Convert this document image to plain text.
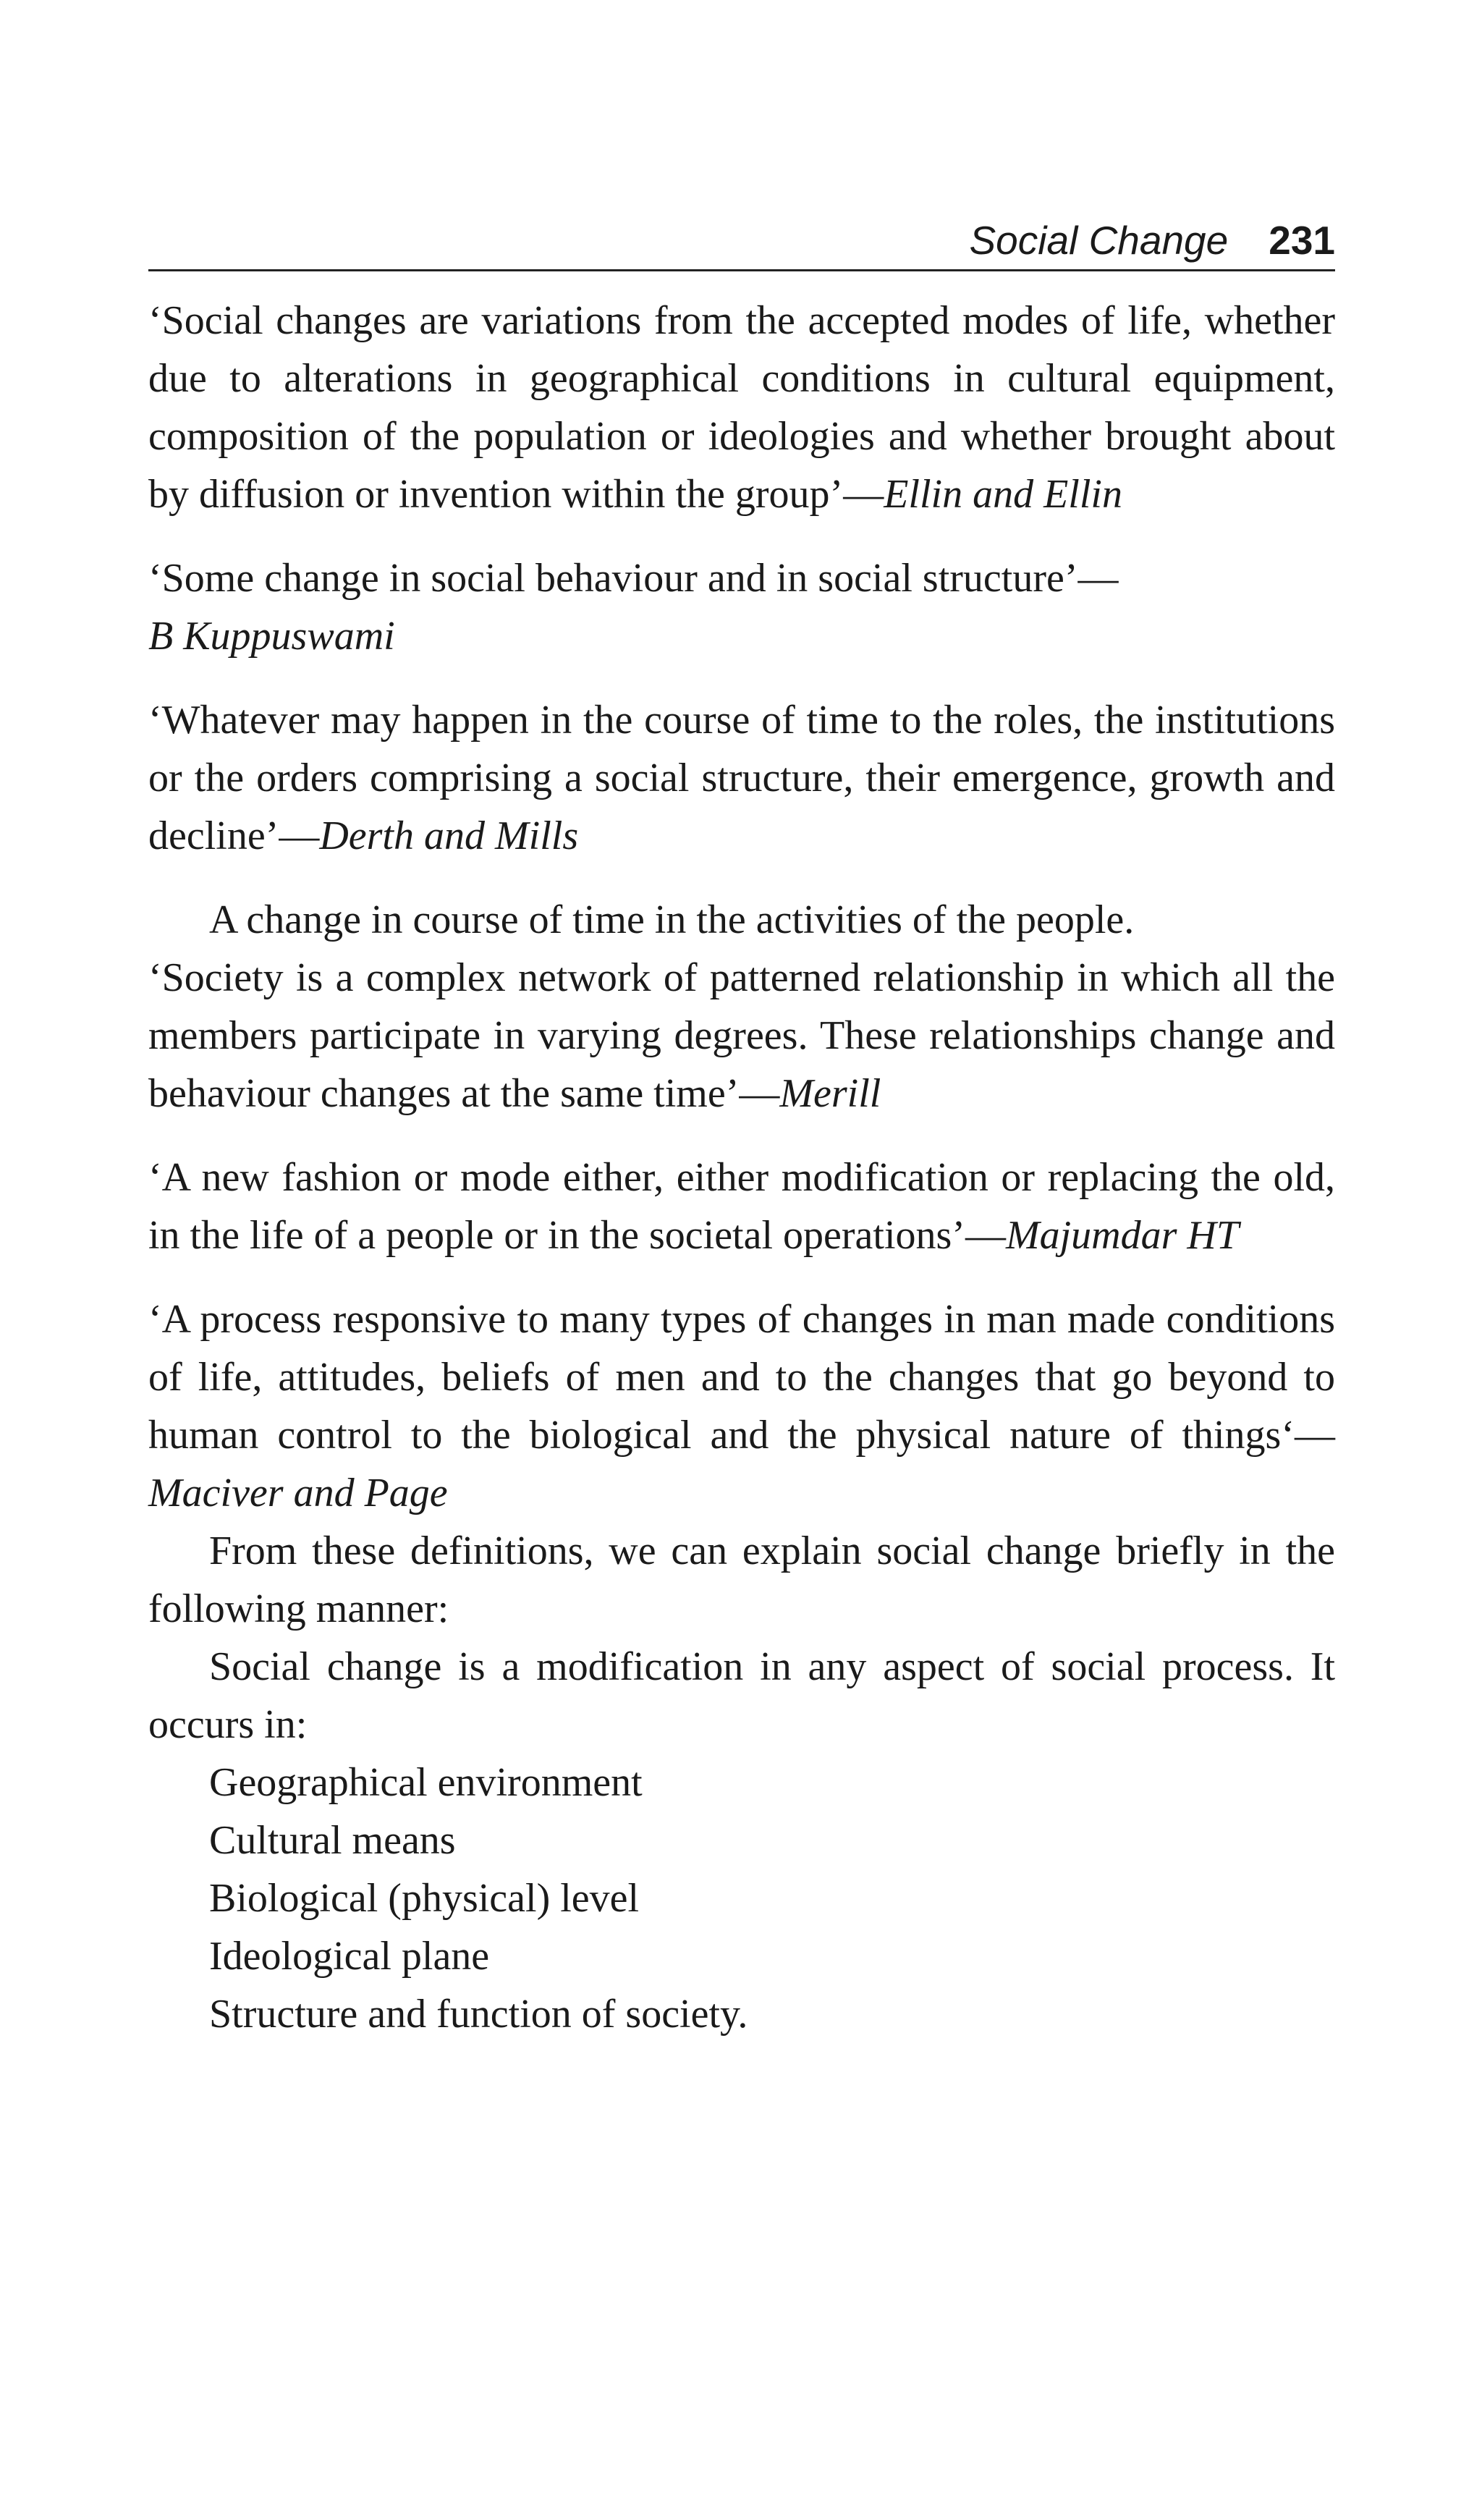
Social Change 231

‘Social changes are variations from the accepted modes of life, whether due to alterations in geographical conditions in cultural equipment, composition of the population or ideologies and whether brought about by diffusion or invention within the group’—Ellin and Ellin

‘Some change in social behaviour and in social structure’—
B Kuppuswami

‘Whatever may happen in the course of time to the roles, the institutions or the orders comprising a social structure, their emergence, growth and decline’—Derth and Mills

A change in course of time in the activities of the people.
‘Society is a complex network of patterned relationship in which all the members participate in varying degrees. These relationships change and behaviour changes at the same time’—Merill

‘A new fashion or mode either, either modification or replacing the old, in the life of a people or in the societal operations’—Majumdar HT

‘A process responsive to many types of changes in man made conditions of life, attitudes, beliefs of men and to the changes that go beyond to human control to the biological and the physical nature of things‘—Maciver and Page

From these definitions, we can explain social change briefly in the following manner:

Social change is a modification in any aspect of social process. It occurs in:

Geographical environment
Cultural means
Biological (physical) level
Ideological plane
Structure and function of society.
